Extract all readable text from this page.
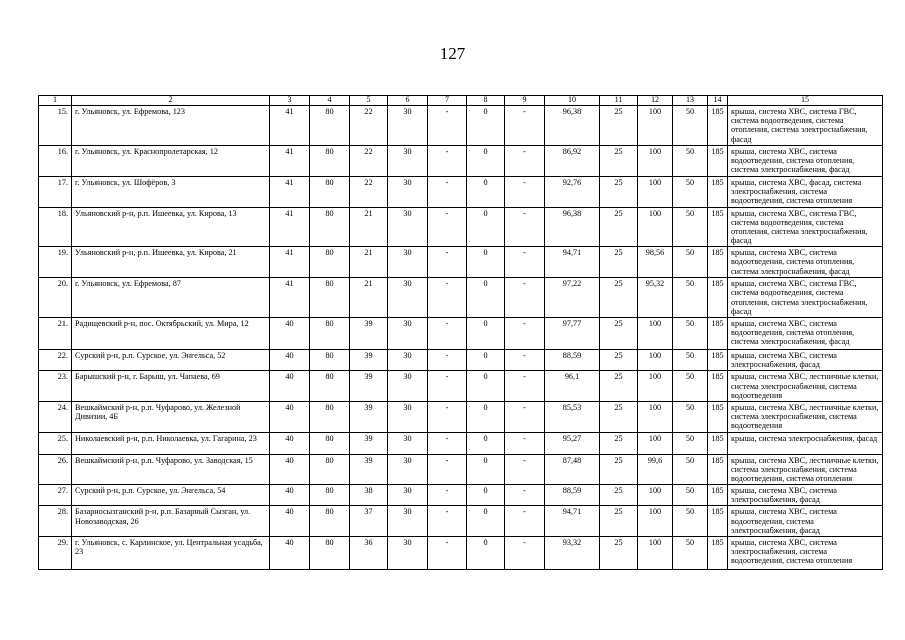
127
1	2	3	4	5	6	7	8	9	10	11	12	13	14	15
15.	г. Ульяновск, ул. Ефремова, 123	41	80	22	30	-	0	-	96,38	25	100	50	185	крыша, система ХВС, система ГВС, система водоотведения, система отопления, система электроснабжения, фасад
16.	г. Ульяновск, ул. Краснопролетарская, 12	41	80	22	30	-	0	-	86,92	25	100	50	185	крыша, система ХВС, система водоотведения, система отопления, система электроснабжения, фасад
17.	г. Ульяновск, ул. Шофёров, 3	41	80	22	30	-	0	-	92,76	25	100	50	185	крыша, система ХВС, фасад, система электроснабжения, система водоотведения, система отопления
18.	Ульяновский р-н, р.п. Ишеевка, ул. Кирова, 13	41	80	21	30	-	0	-	96,38	25	100	50	185	крыша, система ХВС, система ГВС, система водоотведения, система отопления, система электроснабжения, фасад
19.	Ульяновский р-н, р.п. Ишеевка, ул. Кирова, 21	41	80	21	30	-	0	-	94,71	25	98,56	50	185	крыша, система ХВС, система водоотведения, система отопления, система электроснабжения, фасад
20.	г. Ульяновск, ул. Ефремова, 87	41	80	21	30	-	0	-	97,22	25	95,32	50	185	крыша, система ХВС, система ГВС, система водоотведения, система отопления, система электроснабжения, фасад
21.	Радищевский р-н, пос. Октябрьский, ул. Мира, 12	40	80	39	30	-	0	-	97,77	25	100	50	185	крыша, система ХВС, система водоотведения, система отопления, система электроснабжения, фасад
22.	Сурский р-н, р.п. Сурское, ул. Энгельса, 52	40	80	39	30	-	0	-	88,59	25	100	50	185	крыша, система ХВС, система электроснабжения, фасад
23.	Барышский р-н, г. Барыш, ул. Чапаева, 69	40	80	39	30	-	0	-	96,1	25	100	50	185	крыша, система ХВС, лестничные клетки, система электроснабжения, система водоотведения
24.	Вешкаймский р-н, р.п. Чуфарово, ул. Железной Дивизии, 4Б	40	80	39	30	-	0	-	85,53	25	100	50	185	крыша, система ХВС, лестничные клетки, система электроснабжения, система водоотведения
25.	Николаевский р-н, р.п. Николаевка, ул. Гагарина, 23	40	80	39	30	-	0	-	95,27	25	100	50	185	крыша, система электроснабжения, фасад
26.	Вешкаймский р-н, р.п. Чуфарово, ул. Заводская, 15	40	80	39	30	-	0	-	87,48	25	99,6	50	185	крыша, система ХВС, лестничные клетки, система электроснабжения, система водоотведения, система отопления
27.	Сурский р-н, р.п. Сурское, ул. Энгельса, 54	40	80	38	30	-	0	-	88,59	25	100	50	185	крыша, система ХВС, система электроснабжения, фасад
28.	Базарносызганский р-н, р.п. Базарный Сызган, ул. Новозаводская, 26	40	80	37	30	-	0	-	94,71	25	100	50	185	крыша, система ХВС, система водоотведения, система электроснабжения, фасад
29.	г. Ульяновск, с. Карлинское, ул. Центральная усадьба, 23	40	80	36	30	-	0	-	93,32	25	100	50	185	крыша, система ХВС, система электроснабжения, система водоотведения, система отопления
